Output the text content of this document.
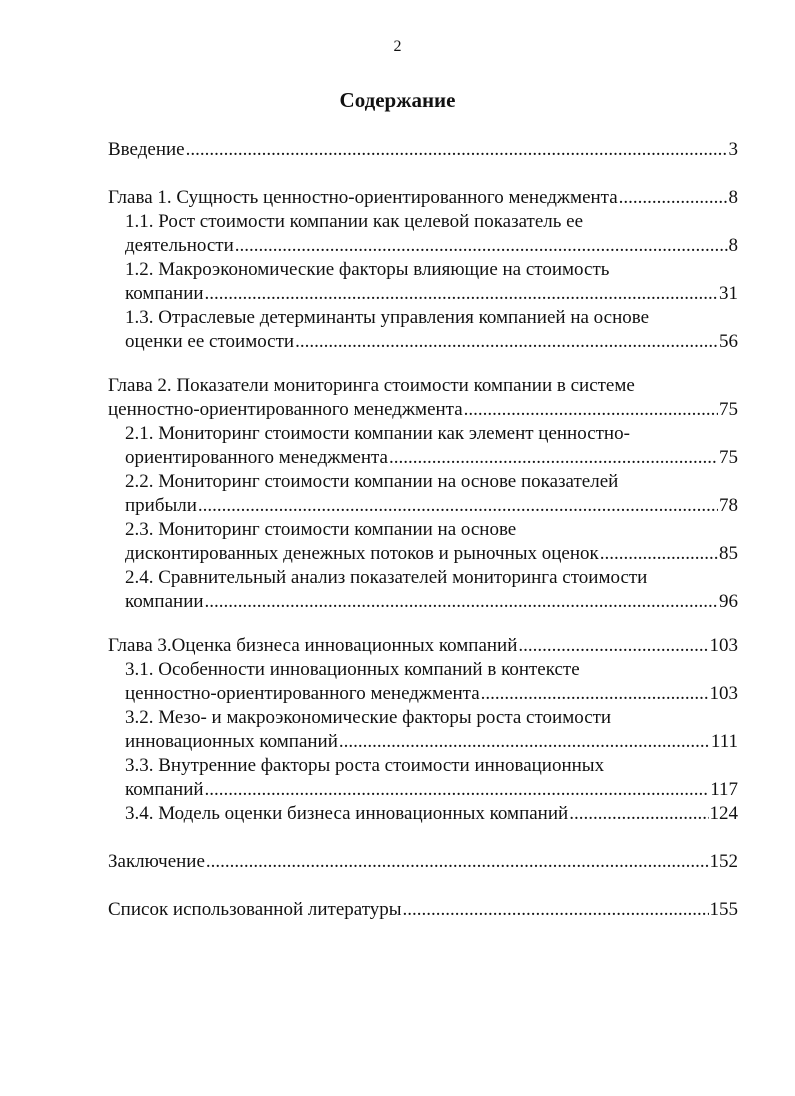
2
Содержание
Введение .....	3
Глава 1. Сущность ценностно-ориентированного менеджмента .....	8
1.1. Рост стоимости компании как целевой показатель ее
деятельности .....	8
1.2. Макроэкономические факторы влияющие на стоимость
компании .....	31
1.3. Отраслевые детерминанты управления компанией на основе
оценки ее стоимости .....	56
Глава 2. Показатели мониторинга стоимости компании в системе
ценностно-ориентированного менеджмента .....	75
2.1. Мониторинг стоимости компании как элемент ценностно-
ориентированного менеджмента .....	75
2.2. Мониторинг стоимости компании на основе показателей
прибыли .....	78
2.3. Мониторинг стоимости компании на основе
дисконтированных денежных потоков и рыночных оценок .....	85
2.4. Сравнительный анализ показателей мониторинга стоимости
компании .....	96
Глава 3.Оценка бизнеса инновационных компаний .....	103
3.1. Особенности инновационных компаний в контексте
ценностно-ориентированного менеджмента .....	103
3.2. Мезо- и макроэкономические факторы роста стоимости
инновационных компаний .....	111
3.3. Внутренние факторы роста стоимости инновационных
компаний .....	117
3.4. Модель оценки бизнеса инновационных компаний .....	124
Заключение .....	152
Список использованной литературы .....	155
